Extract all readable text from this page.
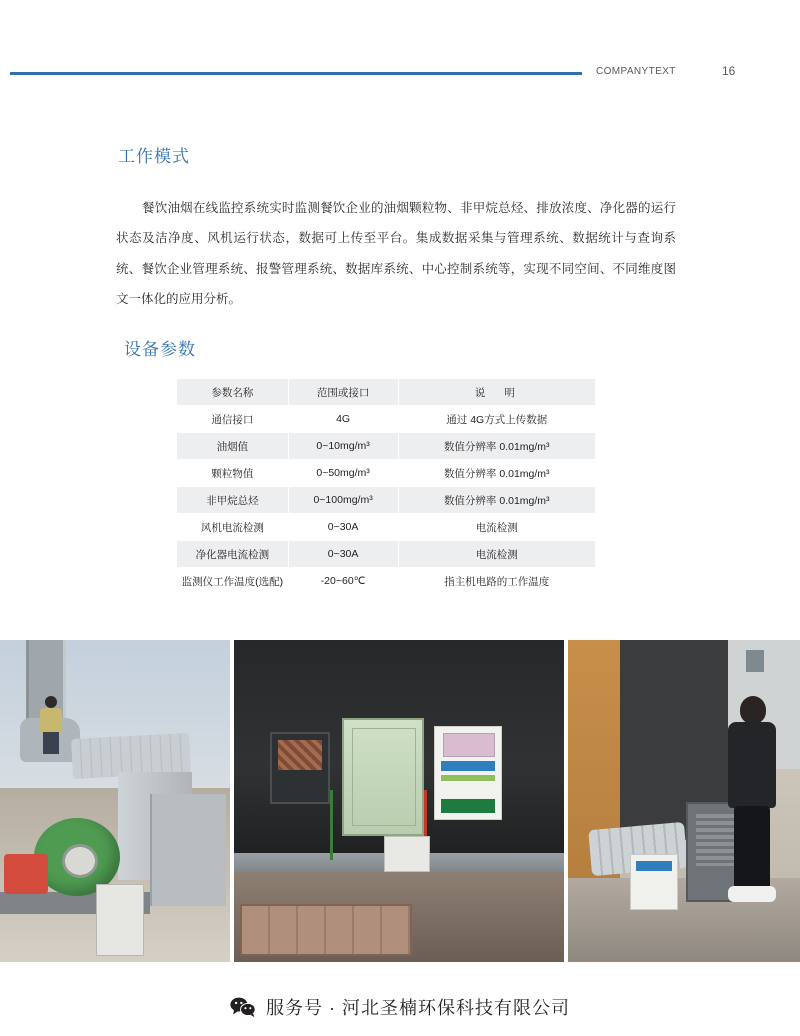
COMPANYTEXT	16
工作模式

餐饮油烟在线监控系统实时监测餐饮企业的油烟颗粒物、非甲烷总烃、排放浓度、净化器的运行状态及洁净度、风机运行状态，数据可上传至平台。集成数据采集与管理系统、数据统计与查询系统、餐饮企业管理系统、报警管理系统、数据库系统、中心控制系统等，实现不同空间、不同维度图文一体化的应用分析。

设备参数
参数名称	范围或接口	说 明
通信接口	4G	通过 4G方式上传数据
油烟值	0~10mg/m³	数值分辨率 0.01mg/m³
颗粒物值	0~50mg/m³	数值分辨率 0.01mg/m³
非甲烷总烃	0~100mg/m³	数值分辨率 0.01mg/m³
风机电流检测	0~30A	电流检测
净化器电流检测	0~30A	电流检测
监测仪工作温度(选配)	-20~60℃	指主机电路的工作温度
服务号 · 河北圣楠环保科技有限公司
